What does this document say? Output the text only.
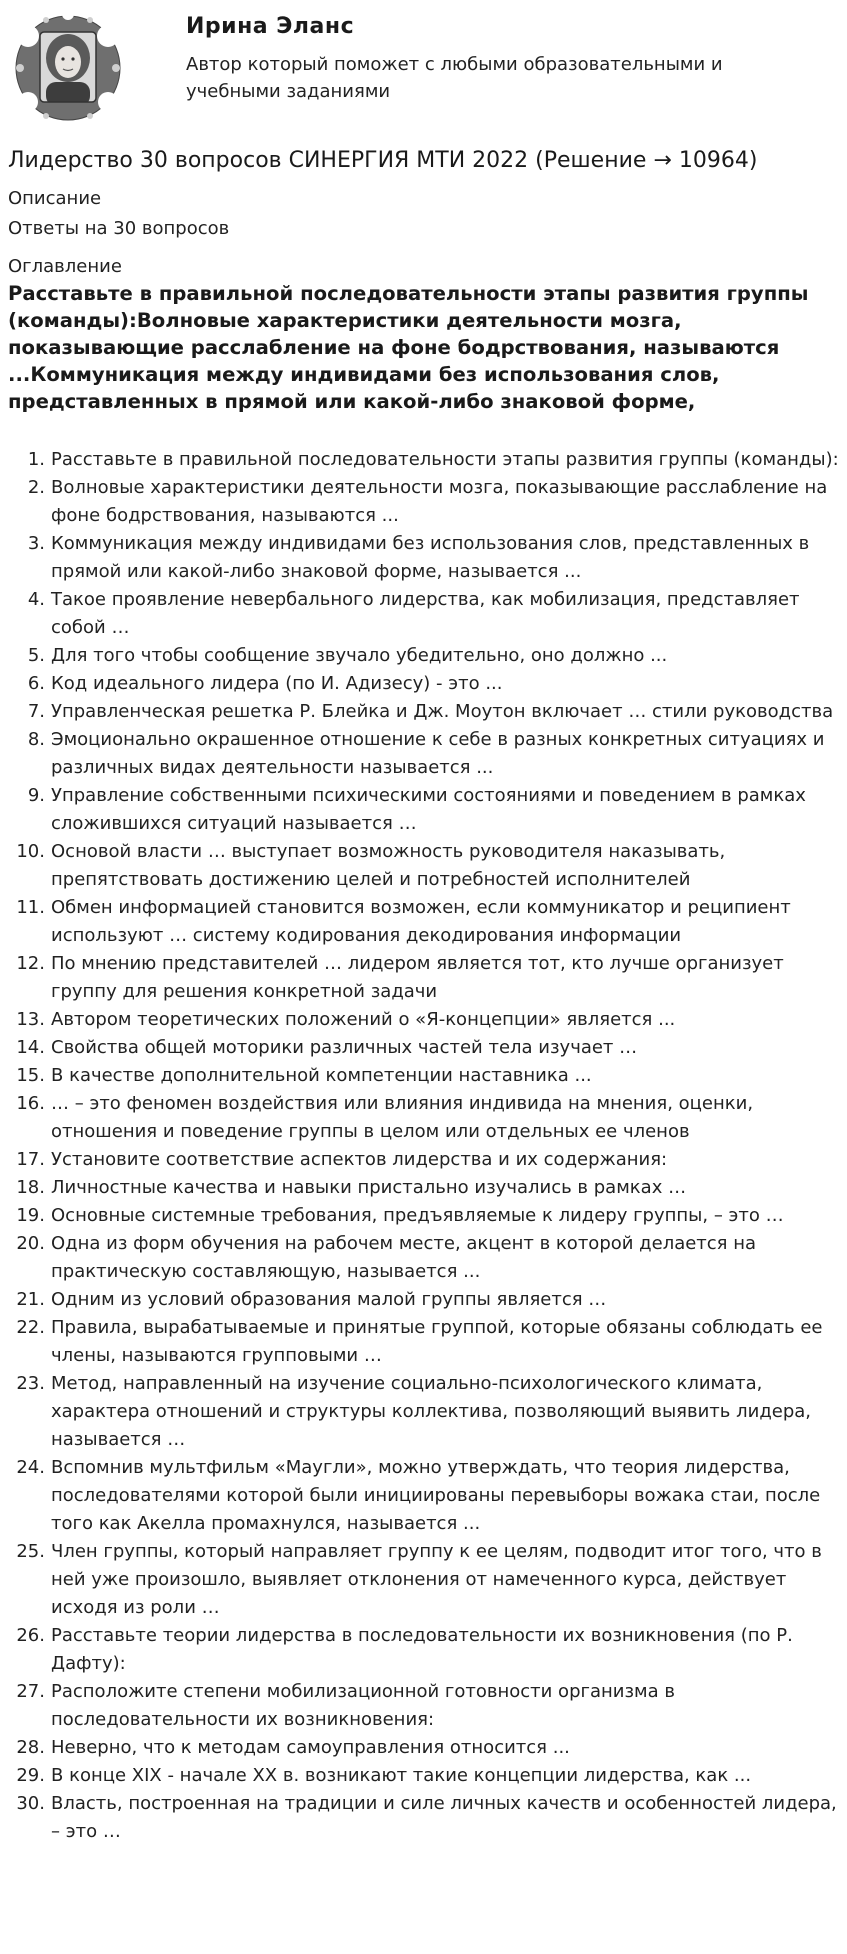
Ирина Эланс
Автор который поможет с любыми образовательными и учебными заданиями
Лидерство 30 вопросов СИНЕРГИЯ МТИ 2022 (Решение → 10964)
Описание
Ответы на 30 вопросов
Оглавление
Расставьте в правильной последовательности этапы развития группы (команды):Волновые характеристики деятельности мозга, показывающие расслабление на фоне бодрствования, называются ...Коммуникация между индивидами без использования слов, представленных в прямой или какой-либо знаковой форме,
1. Расставьте в правильной последовательности этапы развития группы (команды):
2. Волновые характеристики деятельности мозга, показывающие расслабление на фоне бодрствования, называются ...
3. Коммуникация между индивидами без использования слов, представленных в прямой или какой-либо знаковой форме, называется ...
4. Такое проявление невербального лидерства, как мобилизация, представляет собой …
5. Для того чтобы сообщение звучало убедительно, оно должно ...
6. Код идеального лидера (по И. Адизесу) - это ...
7. Управленческая решетка Р. Блейка и Дж. Моутон включает … стили руководства
8. Эмоционально окрашенное отношение к себе в разных конкретных ситуациях и различных видах деятельности называется ...
9. Управление собственными психическими состояниями и поведением в рамках сложившихся ситуаций называется …
10. Основой власти … выступает возможность руководителя наказывать, препятствовать достижению целей и потребностей исполнителей
11. Обмен информацией становится возможен, если коммуникатор и реципиент используют … систему кодирования декодирования информации
12. По мнению представителей … лидером является тот, кто лучше организует группу для решения конкретной задачи
13. Автором теоретических положений о «Я-концепции» является ...
14. Свойства общей моторики различных частей тела изучает …
15. В качестве дополнительной компетенции наставника ...
16. … – это феномен воздействия или влияния индивида на мнения, оценки, отношения и поведение группы в целом или отдельных ее членов
17. Установите соответствие аспектов лидерства и их содержания:
18. Личностные качества и навыки пристально изучались в рамках …
19. Основные системные требования, предъявляемые к лидеру группы, – это …
20. Одна из форм обучения на рабочем месте, акцент в которой делается на практическую составляющую, называется ...
21. Одним из условий образования малой группы является …
22. Правила, вырабатываемые и принятые группой, которые обязаны соблюдать ее члены, называются групповыми …
23. Метод, направленный на изучение социально-психологического климата, характера отношений и структуры коллектива, позволяющий выявить лидера, называется …
24. Вспомнив мультфильм «Маугли», можно утверждать, что теория лидерства, последователями которой были инициированы перевыборы вожака стаи, после того как Акелла промахнулся, называется ...
25. Член группы, который направляет группу к ее целям, подводит итог того, что в ней уже произошло, выявляет отклонения от намеченного курса, действует исходя из роли …
26. Расставьте теории лидерства в последовательности их возникновения (по Р. Дафту):
27. Расположите степени мобилизационной готовности организма в последовательности их возникновения:
28. Неверно, что к методам самоуправления относится ...
29. В конце XIX - начале XX в. возникают такие концепции лидерства, как ...
30. Власть, построенная на традиции и силе личных качеств и особенностей лидера, – это …
